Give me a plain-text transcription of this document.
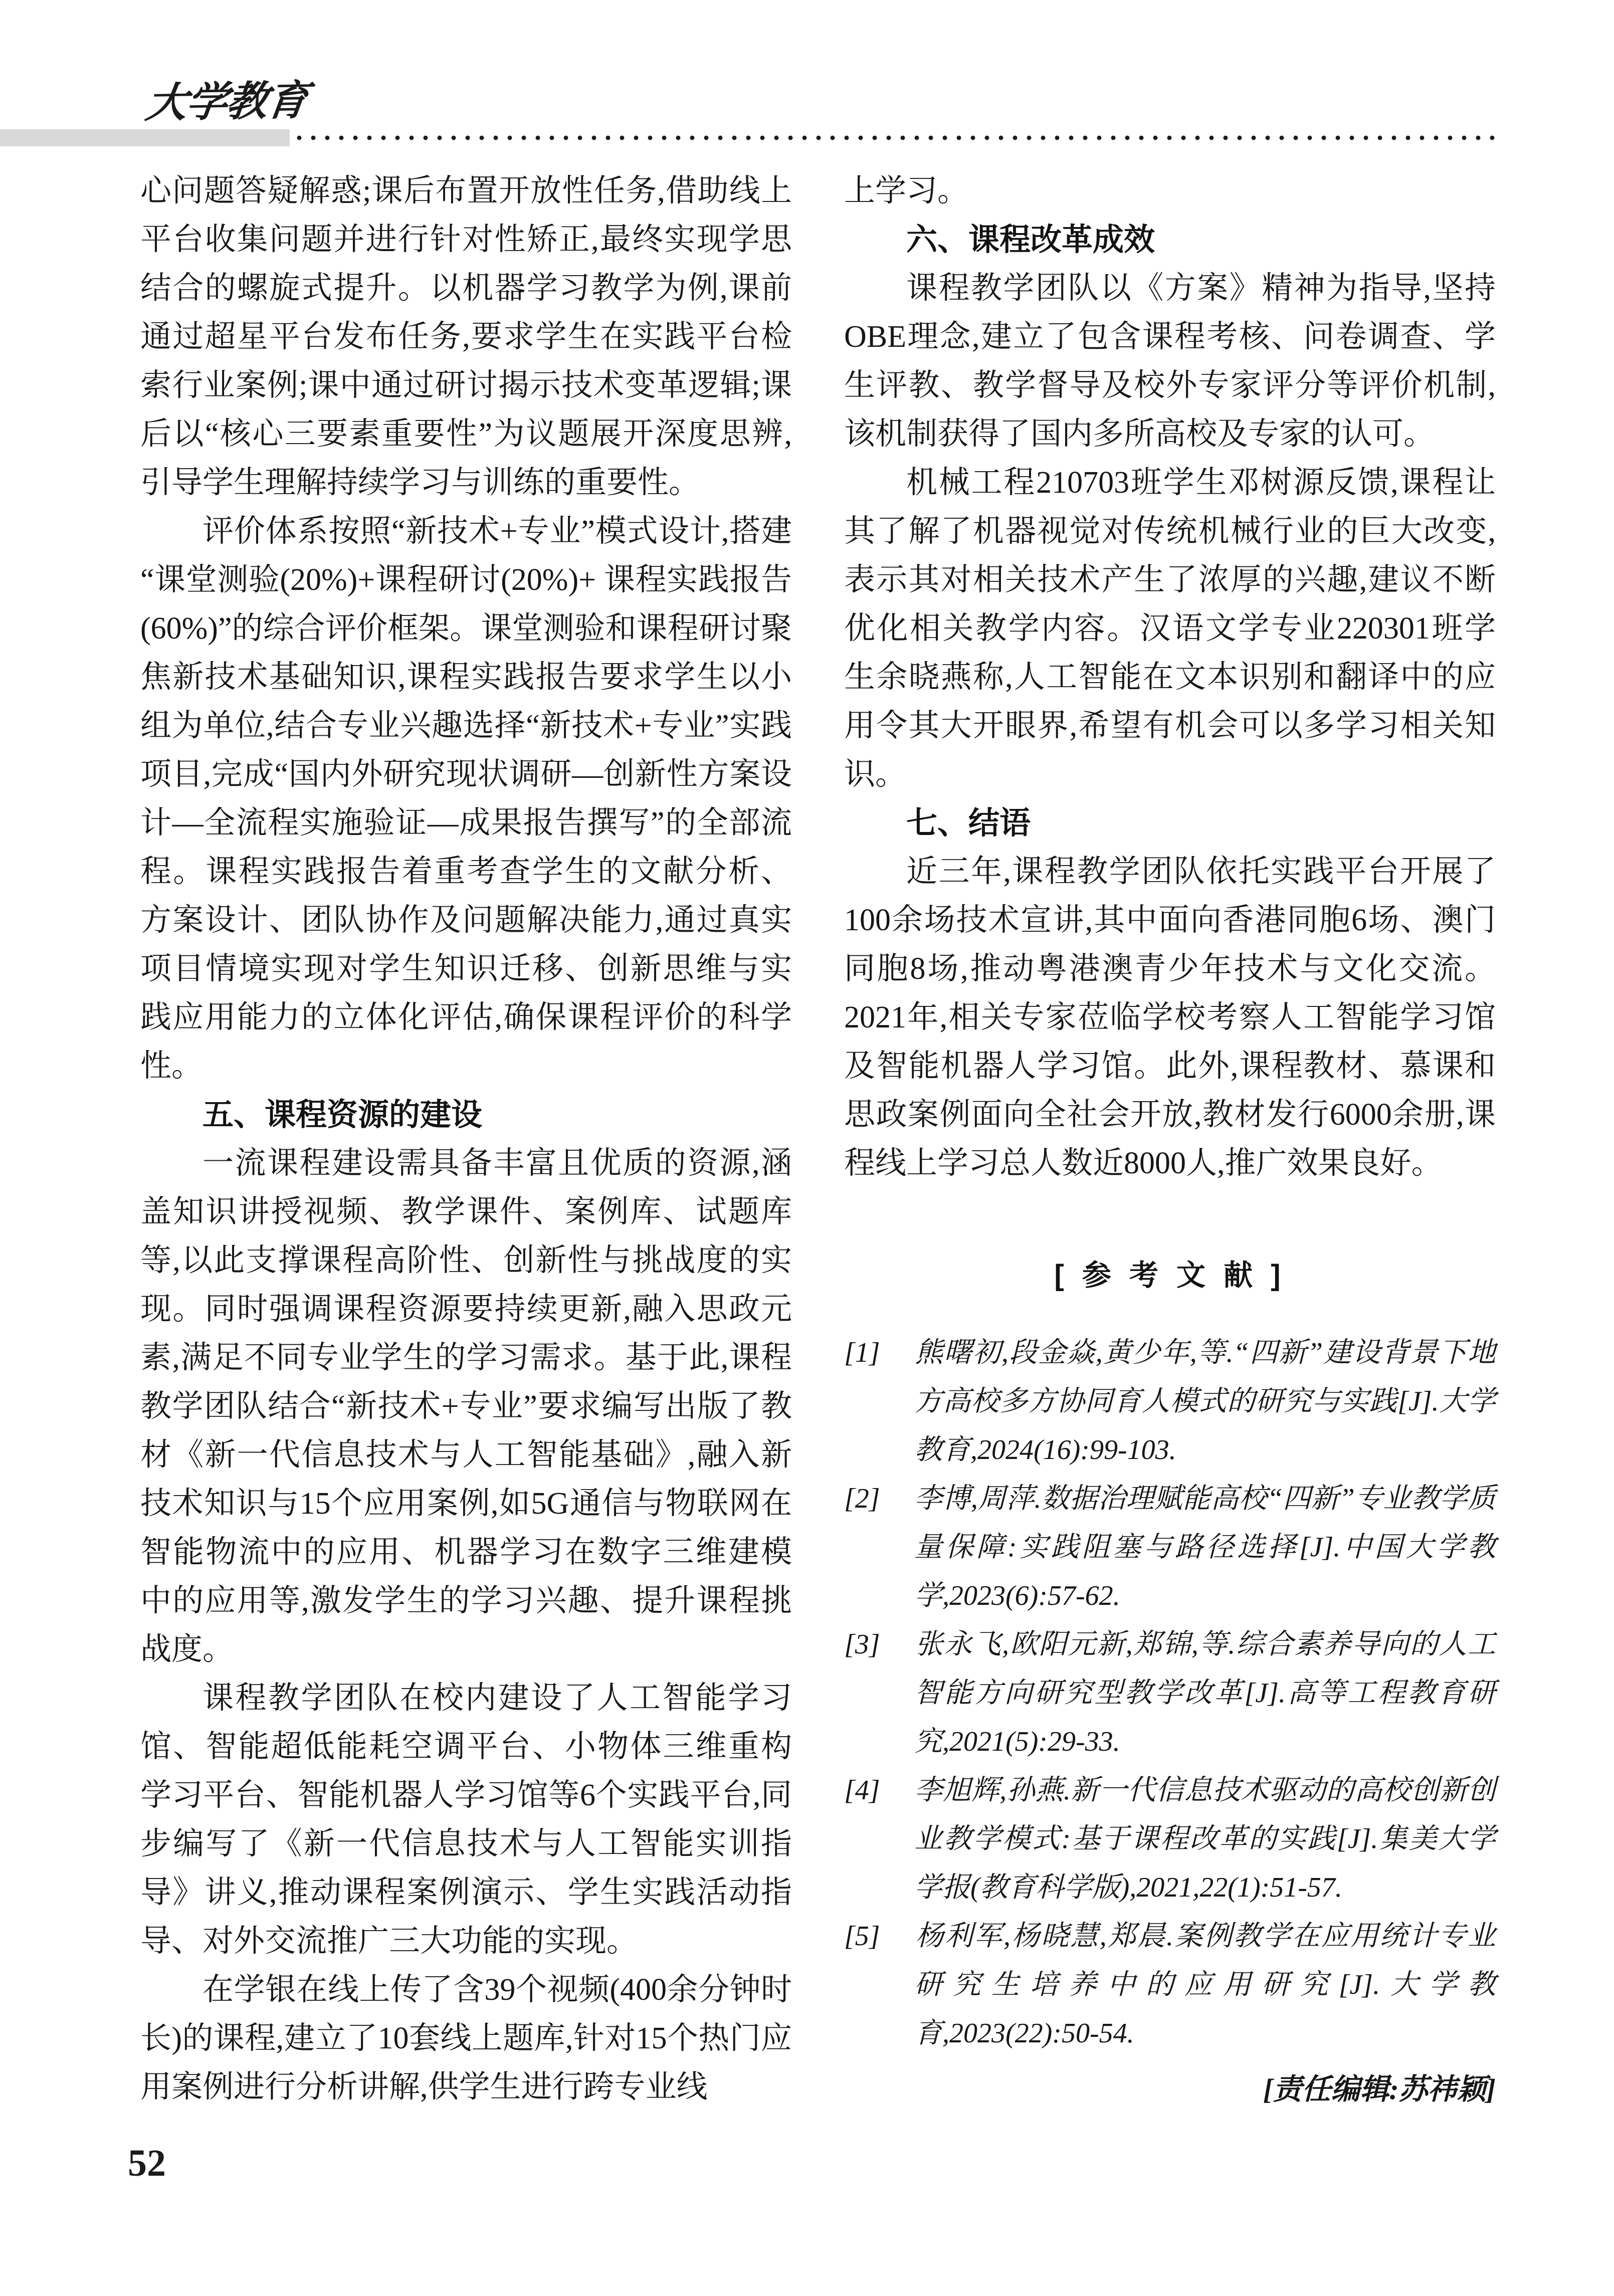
大学教育

心问题答疑解惑;课后布置开放性任务,借助线上平台收集问题并进行针对性矫正,最终实现学思结合的螺旋式提升。以机器学习教学为例,课前通过超星平台发布任务,要求学生在实践平台检索行业案例;课中通过研讨揭示技术变革逻辑;课后以“核心三要素重要性”为议题展开深度思辨,引导学生理解持续学习与训练的重要性。

评价体系按照“新技术+专业”模式设计,搭建“课堂测验(20%)+课程研讨(20%)+ 课程实践报告(60%)”的综合评价框架。课堂测验和课程研讨聚焦新技术基础知识,课程实践报告要求学生以小组为单位,结合专业兴趣选择“新技术+专业”实践项目,完成“国内外研究现状调研—创新性方案设计—全流程实施验证—成果报告撰写”的全部流程。课程实践报告着重考查学生的文献分析、方案设计、团队协作及问题解决能力,通过真实项目情境实现对学生知识迁移、创新思维与实践应用能力的立体化评估,确保课程评价的科学性。

五、课程资源的建设

一流课程建设需具备丰富且优质的资源,涵盖知识讲授视频、教学课件、案例库、试题库等,以此支撑课程高阶性、创新性与挑战度的实现。同时强调课程资源要持续更新,融入思政元素,满足不同专业学生的学习需求。基于此,课程教学团队结合“新技术+专业”要求编写出版了教材《新一代信息技术与人工智能基础》,融入新技术知识与15个应用案例,如5G通信与物联网在智能物流中的应用、机器学习在数字三维建模中的应用等,激发学生的学习兴趣、提升课程挑战度。

课程教学团队在校内建设了人工智能学习馆、智能超低能耗空调平台、小物体三维重构学习平台、智能机器人学习馆等6个实践平台,同步编写了《新一代信息技术与人工智能实训指导》讲义,推动课程案例演示、学生实践活动指导、对外交流推广三大功能的实现。

在学银在线上传了含39个视频(400余分钟时长)的课程,建立了10套线上题库,针对15个热门应用案例进行分析讲解,供学生进行跨专业线

上学习。

六、课程改革成效

课程教学团队以《方案》精神为指导,坚持OBE理念,建立了包含课程考核、问卷调查、学生评教、教学督导及校外专家评分等评价机制,该机制获得了国内多所高校及专家的认可。

机械工程210703班学生邓树源反馈,课程让其了解了机器视觉对传统机械行业的巨大改变,表示其对相关技术产生了浓厚的兴趣,建议不断优化相关教学内容。汉语文学专业220301班学生余晓燕称,人工智能在文本识别和翻译中的应用令其大开眼界,希望有机会可以多学习相关知识。

七、结语

近三年,课程教学团队依托实践平台开展了100余场技术宣讲,其中面向香港同胞6场、澳门同胞8场,推动粤港澳青少年技术与文化交流。2021年,相关专家莅临学校考察人工智能学习馆及智能机器人学习馆。此外,课程教材、慕课和思政案例面向全社会开放,教材发行6000余册,课程线上学习总人数近8000人,推广效果良好。

[ 参 考 文 献 ]
[1] 熊曙初,段金焱,黄少年,等.“四新”建设背景下地方高校多方协同育人模式的研究与实践[J].大学教育,2024(16):99-103.
[2] 李博,周萍.数据治理赋能高校“四新”专业教学质量保障:实践阻塞与路径选择[J].中国大学教学,2023(6):57-62.
[3] 张永飞,欧阳元新,郑锦,等.综合素养导向的人工智能方向研究型教学改革[J].高等工程教育研究,2021(5):29-33.
[4] 李旭辉,孙燕.新一代信息技术驱动的高校创新创业教学模式:基于课程改革的实践[J].集美大学学报(教育科学版),2021,22(1):51-57.
[5] 杨利军,杨晓慧,郑晨.案例教学在应用统计专业研究生培养中的应用研究[J].大学教育,2023(22):50-54.
[责任编辑:苏祎颖]
52
